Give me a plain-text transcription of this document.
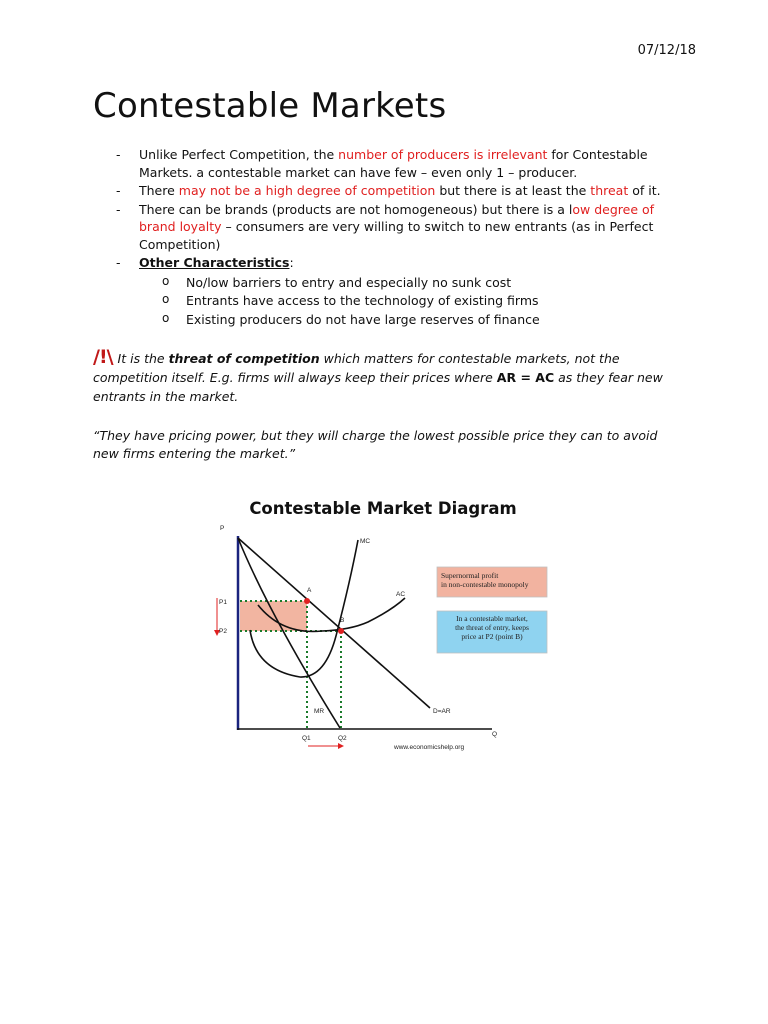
07/12/18
Contestable Markets
- Unlike Perfect Competition, the number of producers is irrelevant for Contestable Markets. a contestable market can have few – even only 1 – producer.
- There may not be a high degree of competition but there is at least the threat of it.
- There can be brands (products are not homogeneous) but there is a low degree of brand loyalty – consumers are very willing to switch to new entrants (as in Perfect Competition)
- Other Characteristics:
o No/low barriers to entry and especially no sunk cost
o Entrants have access to the technology of existing firms
o Existing producers do not have large reserves of finance

/!\ It is the threat of competition which matters for contestable markets, not the competition itself. E.g. firms will always keep their prices where AR = AC as they fear new entrants in the market.

“They have pricing power, but they will charge the lowest possible price they can to avoid new firms entering the market.”

Contestable Market Diagram
Supernormal profit
in non-contestable monopoly
In a contestable market,
the threat of entry, keeps
price at P2 (point B)
P
Q
MC
AC
MR	D=AR
A
B
P1
P2
Q1	Q2
www.economicshelp.org
